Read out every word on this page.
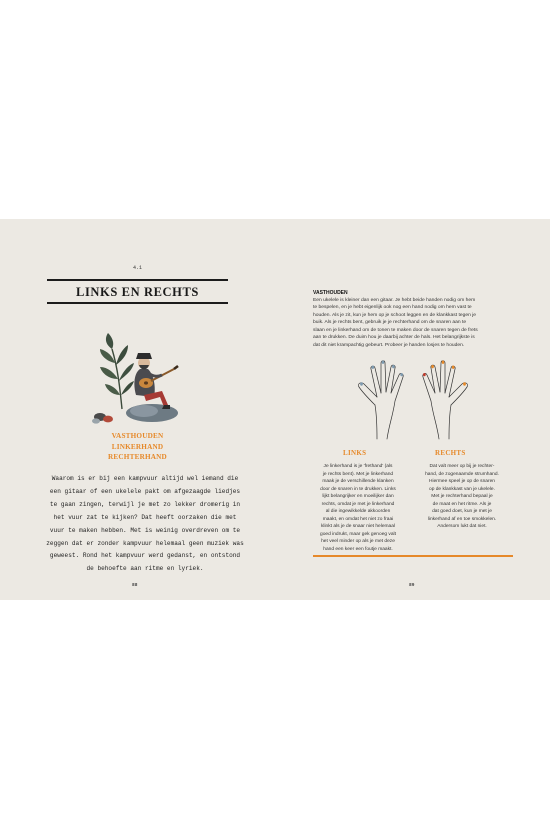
4.1
LINKS EN RECHTS
VASTHOUDEN
LINKERHAND
RECHTERHAND
Waarom is er bij een kampvuur altijd wel iemand die
een gitaar of een ukelele pakt om afgezaagde liedjes
te gaan zingen, terwijl je met zo lekker dromerig in
het vuur zat te kijken? Dat heeft oorzaken die met
vuur te maken hebben. Met is weinig overdreven om te
zeggen dat er zonder kampvuur helemaal geen muziek was
geweest. Rond het kampvuur werd gedanst, en ontstond
de behoefte aan ritme en lyriek.
88
VASTHOUDEN
Een ukelele is kleiner dan een gitaar. Je hebt beide handen nodig om hem
te bespelen, en je hebt eigenlijk ook nog een hand nodig om hem vast te
houden. Als je zit, kun je hem op je schoot leggen en de klankkast tegen je
buik. Als je rechts bent, gebruik je je rechterhand om de snaren aan te
slaan en je linkerhand om de tonen te maken door de snaren tegen de frets
aan te drukken. De duim hou je daarbij achter de hals. Het belangrijkste is
dat dit niet krampachtig gebeurt. Probeer je handen losjes te houden.
LINKS	RECHTS
Je linkerhand is je 'frethand' (als
je rechts bent). Met je linkerhand
maak je de verschillende klanken
door de snaren in te drukken. Links
lijkt belangrijker en moeilijker dan
rechts, omdat je met je linkerhand
al die ingewikkelde akkoorden
maakt, en omdat het niet zo fraai
klinkt als je de snaar niet helemaal
goed indrukt, maar gek genoeg valt
het veel minder op als je met deze
hand een keer een foutje maakt.
Dat valt meer op bij je rechter-
hand, de zogenaamde strumhand.
Hiermee speel je op de snaren
op de klankkast van je ukelele.
Met je rechterhand bepaal je
de maat en het ritme. Als je
dat goed doet, kun je met je
linkerhand af en toe smokkelen.
Andersom lukt dat niet.
89
